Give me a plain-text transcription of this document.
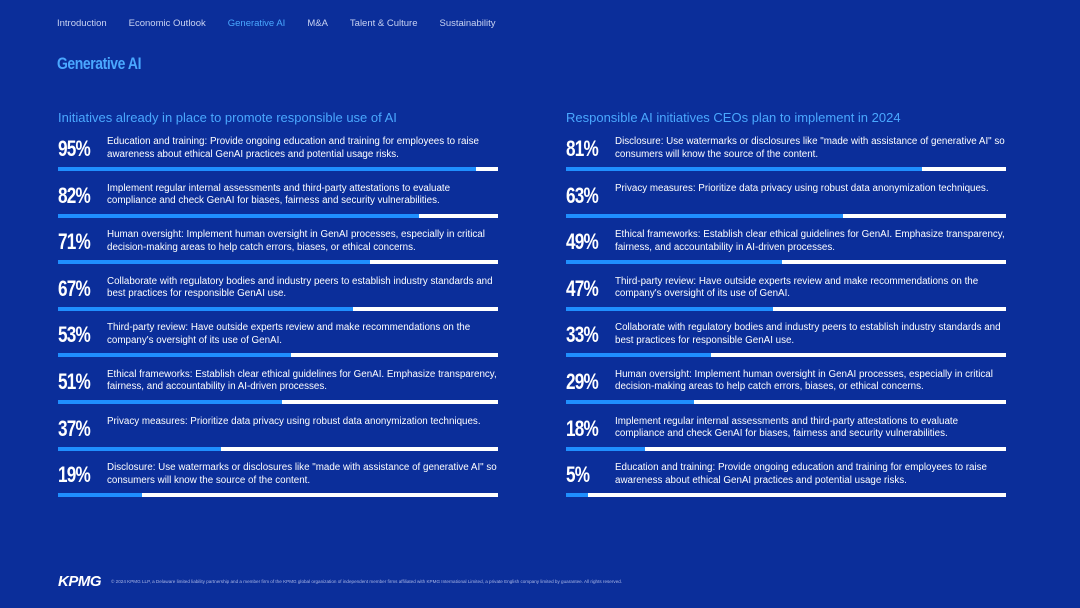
Introduction Economic Outlook Generative AI M&A Talent & Culture Sustainability
Generative AI
Initiatives already in place to promote responsible use of AI
95% Education and training: Provide ongoing education and training for employees to raise awareness about ethical GenAI practices and potential usage risks.
82% Implement regular internal assessments and third-party attestations to evaluate compliance and check GenAI for biases, fairness and security vulnerabilities.
71% Human oversight: Implement human oversight in GenAI processes, especially in critical decision-making areas to help catch errors, biases, or ethical concerns.
67% Collaborate with regulatory bodies and industry peers to establish industry standards and best practices for responsible GenAI use.
53% Third-party review: Have outside experts review and make recommendations on the company's oversight of its use of GenAI.
51% Ethical frameworks: Establish clear ethical guidelines for GenAI. Emphasize transparency, fairness, and accountability in AI-driven processes.
37% Privacy measures: Prioritize data privacy using robust data anonymization techniques.
19% Disclosure: Use watermarks or disclosures like "made with assistance of generative AI" so consumers will know the source of the content.
Responsible AI initiatives CEOs plan to implement in 2024
81% Disclosure: Use watermarks or disclosures like "made with assistance of generative AI" so consumers will know the source of the content.
63% Privacy measures: Prioritize data privacy using robust data anonymization techniques.
49% Ethical frameworks: Establish clear ethical guidelines for GenAI. Emphasize transparency, fairness, and accountability in AI-driven processes.
47% Third-party review: Have outside experts review and make recommendations on the company's oversight of its use of GenAI.
33% Collaborate with regulatory bodies and industry peers to establish industry standards and best practices for responsible GenAI use.
29% Human oversight: Implement human oversight in GenAI processes, especially in critical decision-making areas to help catch errors, biases, or ethical concerns.
18% Implement regular internal assessments and third-party attestations to evaluate compliance and check GenAI for biases, fairness and security vulnerabilities.
5%	Education and training: Provide ongoing education and training for employees to raise awareness about ethical GenAI practices and potential usage risks.
KPMG © 2024 KPMG LLP, a Delaware limited liability partnership and a member firm of the KPMG global organization of independent member firms affiliated with KPMG International Limited, a private English company limited by guarantee. All rights reserved.
